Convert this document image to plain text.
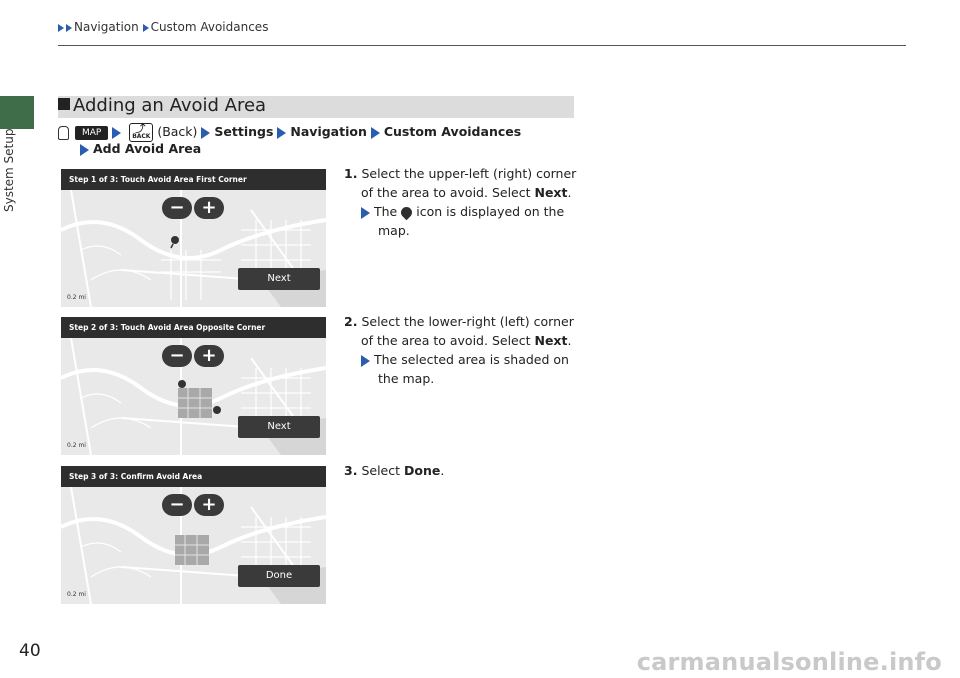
Navigation Custom Avoidances
System Setup
Adding an Avoid Area
MAP  ⤴	BACK (Back) Settings Navigation Custom Avoidances
Add Avoid Area
Step 1 of 3: Touch Avoid Area First Corner
− +
Next
0.2 mi
Step 2 of 3: Touch Avoid Area Opposite Corner
− +
Next
0.2 mi
Step 3 of 3: Confirm Avoid Area
− +
Done
0.2 mi
1. Select the upper-left (right) corner
of the area to avoid. Select Next.
The icon is displayed on the
map.
2. Select the lower-right (left) corner
of the area to avoid. Select Next.
The selected area is shaded on
the map.
3. Select Done.
40	carmanualsonline.info
